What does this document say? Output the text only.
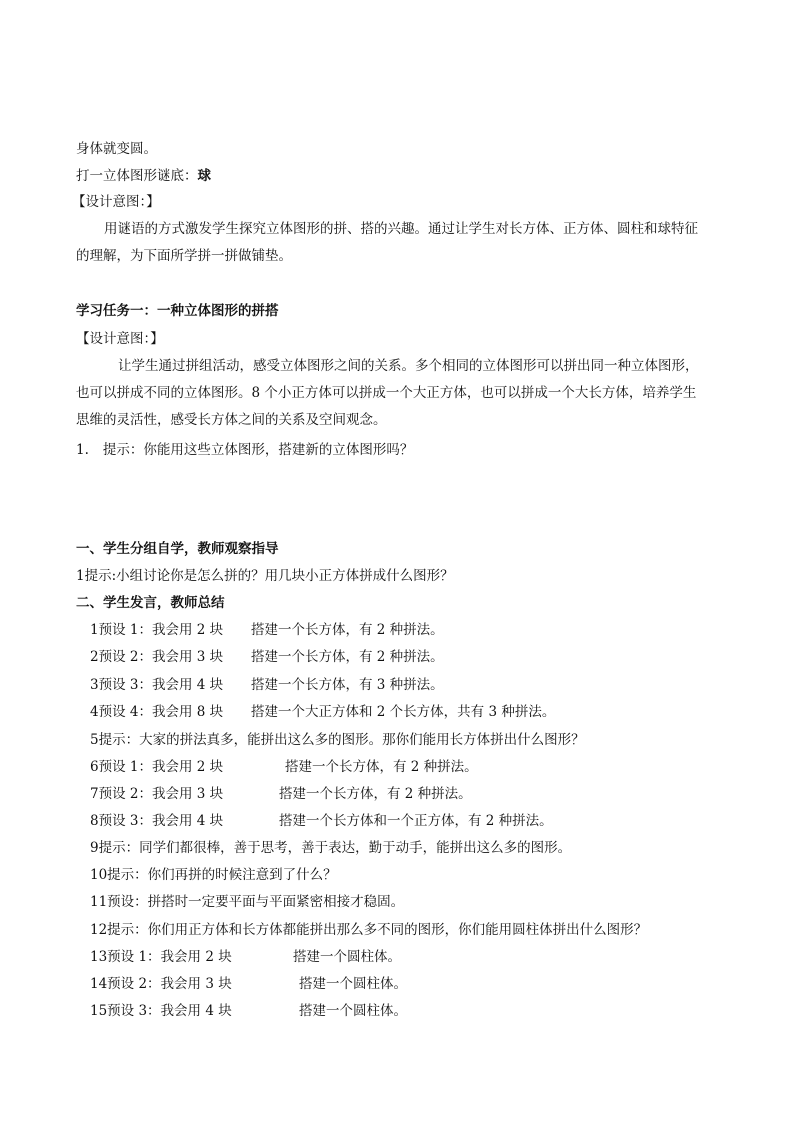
身体就变圆。
打一立体图形谜底：球
【设计意图：】
用谜语的方式激发学生探究立体图形的拼、搭的兴趣。通过让学生对长方体、正方体、圆柱和球特征
的理解，为下面所学拼一拼做铺垫。
学习任务一：一种立体图形的拼搭
【设计意图：】
让学生通过拼组活动，感受立体图形之间的关系。多个相同的立体图形可以拼出同一种立体图形，
也可以拼成不同的立体图形。8 个小正方体可以拼成一个大正方体，也可以拼成一个大长方体，培养学生
思维的灵活性，感受长方体之间的关系及空间观念。
1. 提示：你能用这些立体图形，搭建新的立体图形吗？
一、学生分组自学，教师观察指导
1提示:小组讨论你是怎么拼的？用几块小正方体拼成什么图形？
二、学生发言，教师总结
1预设 1：我会用 2 块 搭建一个长方体，有 2 种拼法。
2预设 2：我会用 3 块 搭建一个长方体，有 2 种拼法。
3预设 3：我会用 4 块 搭建一个长方体，有 3 种拼法。
4预设 4：我会用 8 块 搭建一个大正方体和 2 个长方体，共有 3 种拼法。
5提示：大家的拼法真多，能拼出这么多的图形。那你们能用长方体拼出什么图形？
6预设 1：我会用 2 块	搭建一个长方体，有 2 种拼法。
7预设 2：我会用 3 块	搭建一个长方体，有 2 种拼法。
8预设 3：我会用 4 块	搭建一个长方体和一个正方体，有 2 种拼法。
9提示：同学们都很棒，善于思考，善于表达，勤于动手，能拼出这么多的图形。
10提示：你们再拼的时候注意到了什么？
11预设：拼搭时一定要平面与平面紧密相接才稳固。
12提示：你们用正方体和长方体都能拼出那么多不同的图形，你们能用圆柱体拼出什么图形？
13预设 1：我会用 2 块	搭建一个圆柱体。
14预设 2：我会用 3 块	搭建一个圆柱体。
15预设 3：我会用 4 块	搭建一个圆柱体。
